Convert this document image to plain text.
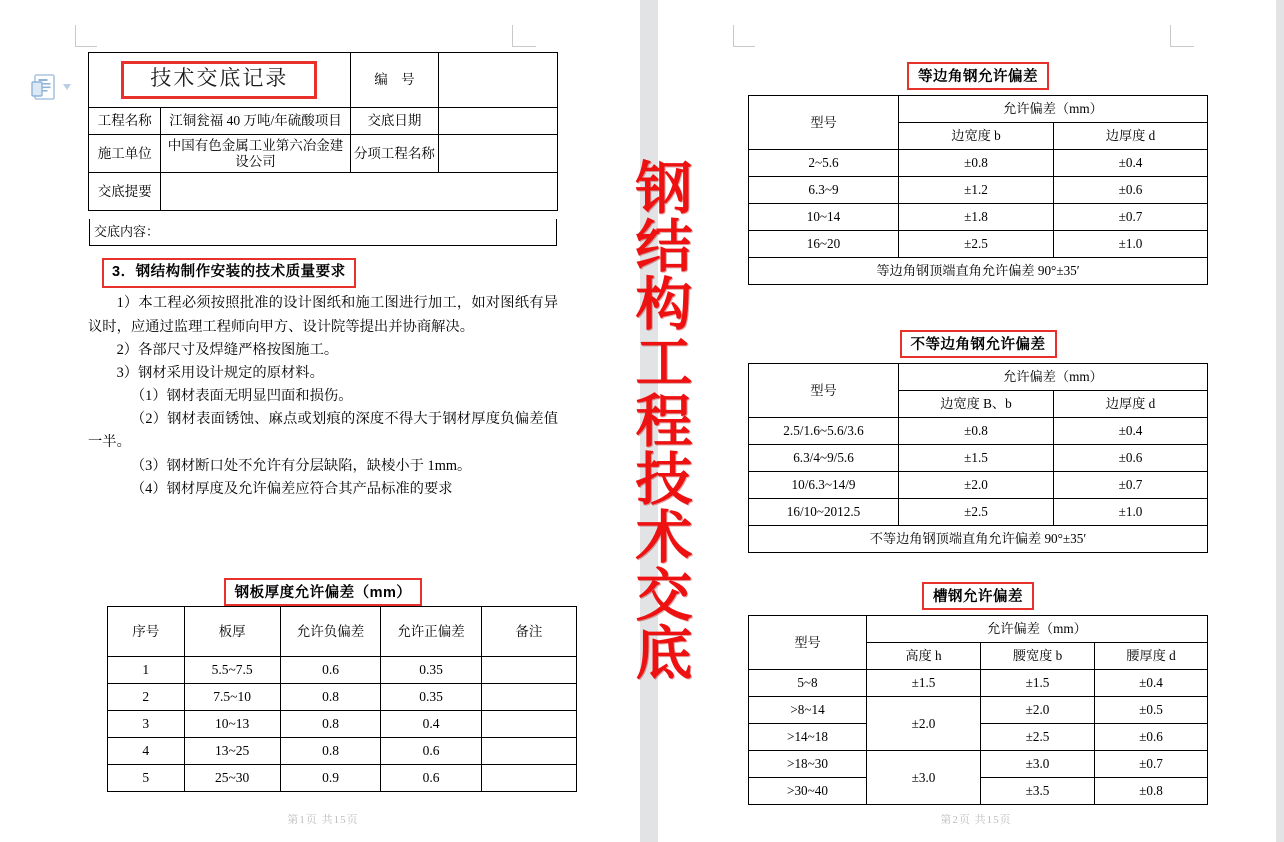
技术交底记录		编　号	
工程名称	江铜瓮福 40 万吨/年硫酸项目	交底日期	
施工单位	中国有色金属工业第六冶金建设公司	分项工程名称	
交底提要			
交底内容：
3．钢结构制作安装的技术质量要求

1）本工程必须按照批准的设计图纸和施工图进行加工，如对图纸有异议时，应通过监理工程师向甲方、设计院等提出并协商解决。

2）各部尺寸及焊缝严格按图施工。

3）钢材采用设计规定的原材料。

（1）钢材表面无明显凹面和损伤。

（2）钢材表面锈蚀、麻点或划痕的深度不得大于钢材厚度负偏差值一半。

（3）钢材断口处不允许有分层缺陷，缺棱小于 1mm。

（4）钢材厚度及允许偏差应符合其产品标准的要求

钢板厚度允许偏差（mm）
序号	板厚	允许负偏差	允许正偏差	备注
1	5.5~7.5	0.6	0.35	
2	7.5~10	0.8	0.35	
3	10~13	0.8	0.4	
4	13~25	0.8	0.6	
5	25~30	0.9	0.6	
等边角钢允许偏差
型号	允许偏差（mm）	
	边宽度 b	边厚度 d
2~5.6	±0.8	±0.4
6.3~9	±1.2	±0.6
10~14	±1.8	±0.7
16~20	±2.5	±1.0
等边角钢顶端直角允许偏差 90°±35′		
不等边角钢允许偏差
型号	允许偏差（mm）	
	边宽度 B、b	边厚度 d
2.5/1.6~5.6/3.6	±0.8	±0.4
6.3/4~9/5.6	±1.5	±0.6
10/6.3~14/9	±2.0	±0.7
16/10~2012.5	±2.5	±1.0
不等边角钢顶端直角允许偏差 90°±35′		
槽钢允许偏差
型号	允许偏差（mm）		
	高度 h	腰宽度 b	腰厚度 d
5~8	±1.5	±1.5	±0.4
>8~14	±2.0	±2.0	±0.5
>14~18		±2.5	±0.6
>18~30	±3.0	±3.0	±0.7
>30~40		±3.5	±0.8
钢
结
构
工
程
技
术
交
底
第1页 共15页	第2页 共15页
